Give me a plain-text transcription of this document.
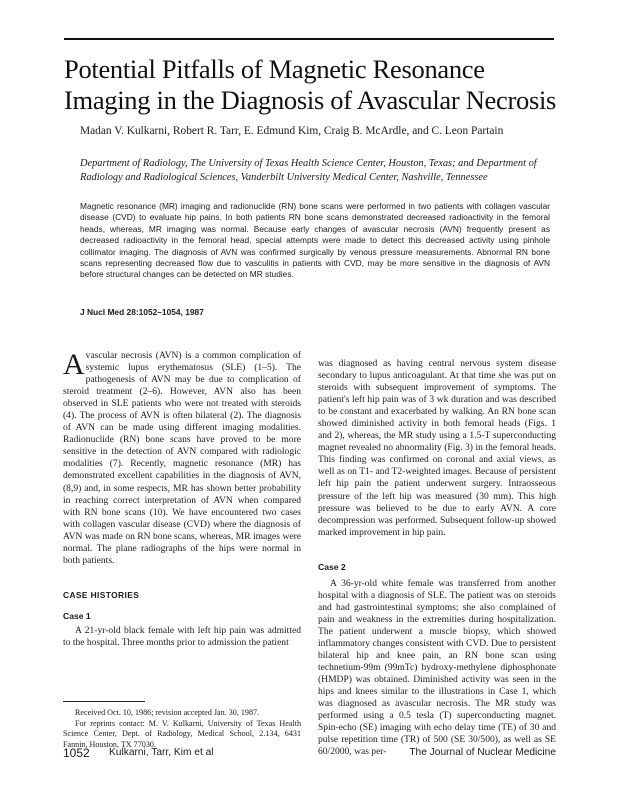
Potential Pitfalls of Magnetic Resonance Imaging in the Diagnosis of Avascular Necrosis

Madan V. Kulkarni, Robert R. Tarr, E. Edmund Kim, Craig B. McArdle, and C. Leon Partain

Department of Radiology, The University of Texas Health Science Center, Houston, Texas; and Department of Radiology and Radiological Sciences, Vanderbilt University Medical Center, Nashville, Tennessee

Magnetic resonance (MR) imaging and radionuclide (RN) bone scans were performed in two patients with collagen vascular disease (CVD) to evaluate hip pains. In both patients RN bone scans demonstrated decreased radioactivity in the femoral heads, whereas, MR imaging was normal. Because early changes of avascular necrosis (AVN) frequently present as decreased radioactivity in the femoral head, special attempts were made to detect this decreased activity using pinhole collimator imaging. The diagnosis of AVN was confirmed surgically by venous pressure measurements. Abnormal RN bone scans representing decreased flow due to vasculitis in patients with CVD, may be more sensitive in the diagnosis of AVN before structural changes can be detected on MR studies.

J Nucl Med 28:1052–1054, 1987

Avascular necrosis (AVN) is a common complication of systemic lupus erythematosus (SLE) (1–5). The pathogenesis of AVN may be due to complication of steroid treatment (2–6). However, AVN also has been observed in SLE patients who were not treated with steroids (4). The process of AVN is often bilateral (2). The diagnosis of AVN can be made using different imaging modalities. Radionuclide (RN) bone scans have proved to be more sensitive in the detection of AVN compared with radiologic modalities (7). Recently, magnetic resonance (MR) has demonstrated excellent capabilities in the diagnosis of AVN, (8,9) and, in some respects, MR has shown better probability in reaching correct interpretation of AVN when compared with RN bone scans (10). We have encountered two cases with collagen vascular disease (CVD) where the diagnosis of AVN was made on RN bone scans, whereas, MR images were normal. The plane radiographs of the hips were normal in both patients.

CASE HISTORIES
Case 1

A 21-yr-old black female with left hip pain was admitted to the hospital. Three months prior to admission the patient

Received Oct. 10, 1986; revision accepted Jan. 30, 1987.

For reprints contact: M. V. Kulkarni, University of Texas Health Science Center, Dept. of Radiology, Medical School, 2.134, 6431 Fannin, Houston, TX 77030.

was diagnosed as having central nervous system disease secondary to lupus anticoagulant. At that time she was put on steroids with subsequent improvement of symptoms. The patient's left hip pain was of 3 wk duration and was described to be constant and exacerbated by walking. An RN bone scan showed diminished activity in both femoral heads (Figs. 1 and 2), whereas, the MR study using a 1.5-T superconducting magnet revealed no abnormality (Fig. 3) in the femoral heads. This finding was confirmed on coronal and axial views, as well as on T1- and T2-weighted images. Because of persistent left hip pain the patient underwent surgery. Intraosseous pressure of the left hip was measured (30 mm). This high pressure was believed to be due to early AVN. A core decompression was performed. Subsequent follow-up showed marked improvement in hip pain.

Case 2

A 36-yr-old white female was transferred from another hospital with a diagnosis of SLE. The patient was on steroids and had gastrointestinal symptoms; she also complained of pain and weakness in the extremities during hospitalization. The patient underwent a muscle biopsy, which showed inflammatory changes consistent with CVD. Due to persistent bilateral hip and knee pain, an RN bone scan using technetium-99m (99mTc) hydroxy-methylene diphosphonate (HMDP) was obtained. Diminished activity was seen in the hips and knees similar to the illustrations in Case 1, which was diagnosed as avascular necrosis. The MR study was performed using a 0.5 tesla (T) superconducting magnet. Spin-echo (SE) imaging with echo delay time (TE) of 30 and pulse repetition time (TR) of 500 (SE 30/500), as well as SE 60/2000, was per-

1052 Kulkarni, Tarr, Kim et al	The Journal of Nuclear Medicine
